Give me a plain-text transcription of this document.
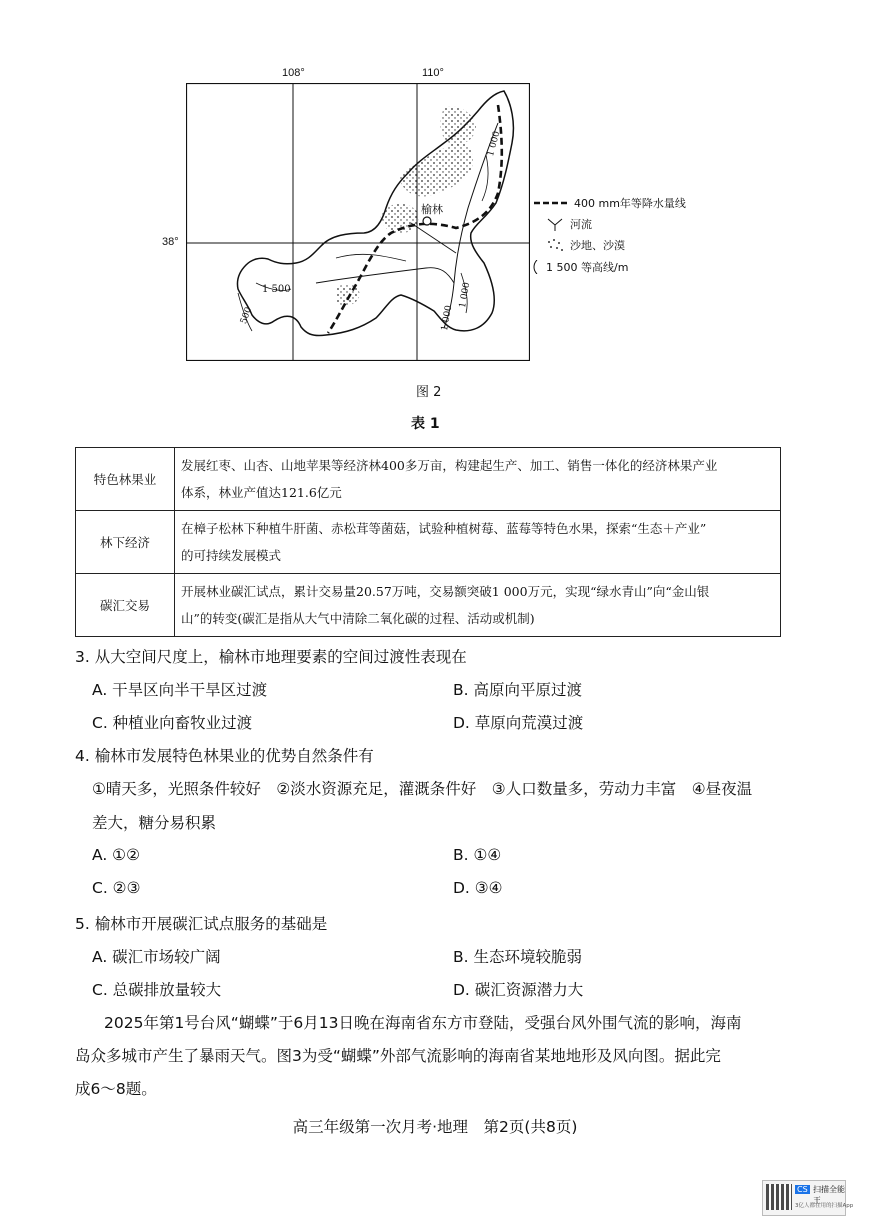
108°	110°
38°
榆林
1 500
1 000
1 000
1 000
500
400 mm年等降水量线
河流
沙地、沙漠
1 500 等高线/m
图 2
表 1
特色林果业	发展红枣、山杏、山地苹果等经济林400多万亩，构建起生产、加工、销售一体化的经济林果产业
体系，林业产值达121.6亿元

林下经济	在樟子松林下种植牛肝菌、赤松茸等菌菇，试验种植树莓、蓝莓等特色水果，探索“生态＋产业”
的可持续发展模式

碳汇交易	开展林业碳汇试点，累计交易量20.57万吨，交易额突破1 000万元，实现“绿水青山”向“金山银
山”的转变(碳汇是指从大气中清除二氧化碳的过程、活动或机制)
3. 从大空间尺度上，榆林市地理要素的空间过渡性表现在
A. 干旱区向半干旱区过渡	B. 高原向平原过渡
C. 种植业向畜牧业过渡	D. 草原向荒漠过渡
4. 榆林市发展特色林果业的优势自然条件有
①晴天多，光照条件较好　②淡水资源充足，灌溉条件好　③人口数量多，劳动力丰富　④昼夜温
差大，糖分易积累
A. ①②	B. ①④
C. ②③	D. ③④
5. 榆林市开展碳汇试点服务的基础是
A. 碳汇市场较广阔	B. 生态环境较脆弱
C. 总碳排放量较大	D. 碳汇资源潜力大
2025年第1号台风“蝴蝶”于6月13日晚在海南省东方市登陆，受强台风外围气流的影响，海南
岛众多城市产生了暴雨天气。图3为受“蝴蝶”外部气流影响的海南省某地地形及风向图。据此完
成6～8题。
高三年级第一次月考·地理　第2页(共8页)
CS 扫描全能王
3亿人都在用的扫描App
